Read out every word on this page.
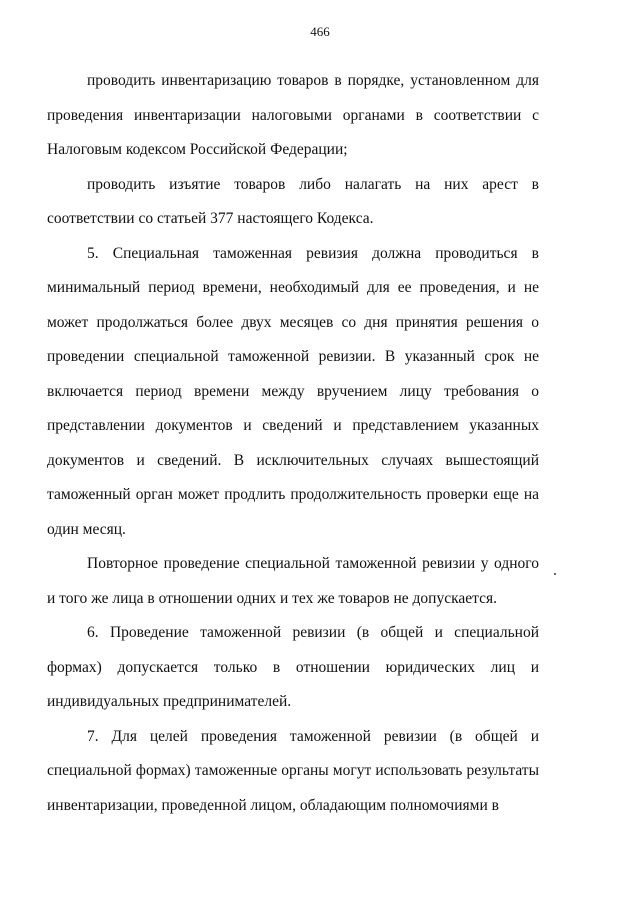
466

проводить инвентаризацию товаров в порядке, установленном для проведения инвентаризации налоговыми органами в соответствии с Налоговым кодексом Российской Федерации;

проводить изъятие товаров либо налагать на них арест в соответствии со статьей 377 настоящего Кодекса.

5. Специальная таможенная ревизия должна проводиться в минимальный период времени, необходимый для ее проведения, и не может продолжаться более двух месяцев со дня принятия решения о проведении специальной таможенной ревизии. В указанный срок не включается период времени между вручением лицу требования о представлении документов и сведений и представлением указанных документов и сведений. В исключительных случаях вышестоящий таможенный орган может продлить продолжительность проверки еще на один месяц.

Повторное проведение специальной таможенной ревизии у одного и того же лица в отношении одних и тех же товаров не допускается.

6. Проведение таможенной ревизии (в общей и специальной формах) допускается только в отношении юридических лиц и индивидуальных предпринимателей.

7. Для целей проведения таможенной ревизии (в общей и специальной формах) таможенные органы могут использовать результаты инвентаризации, проведенной лицом, обладающим полномочиями в
